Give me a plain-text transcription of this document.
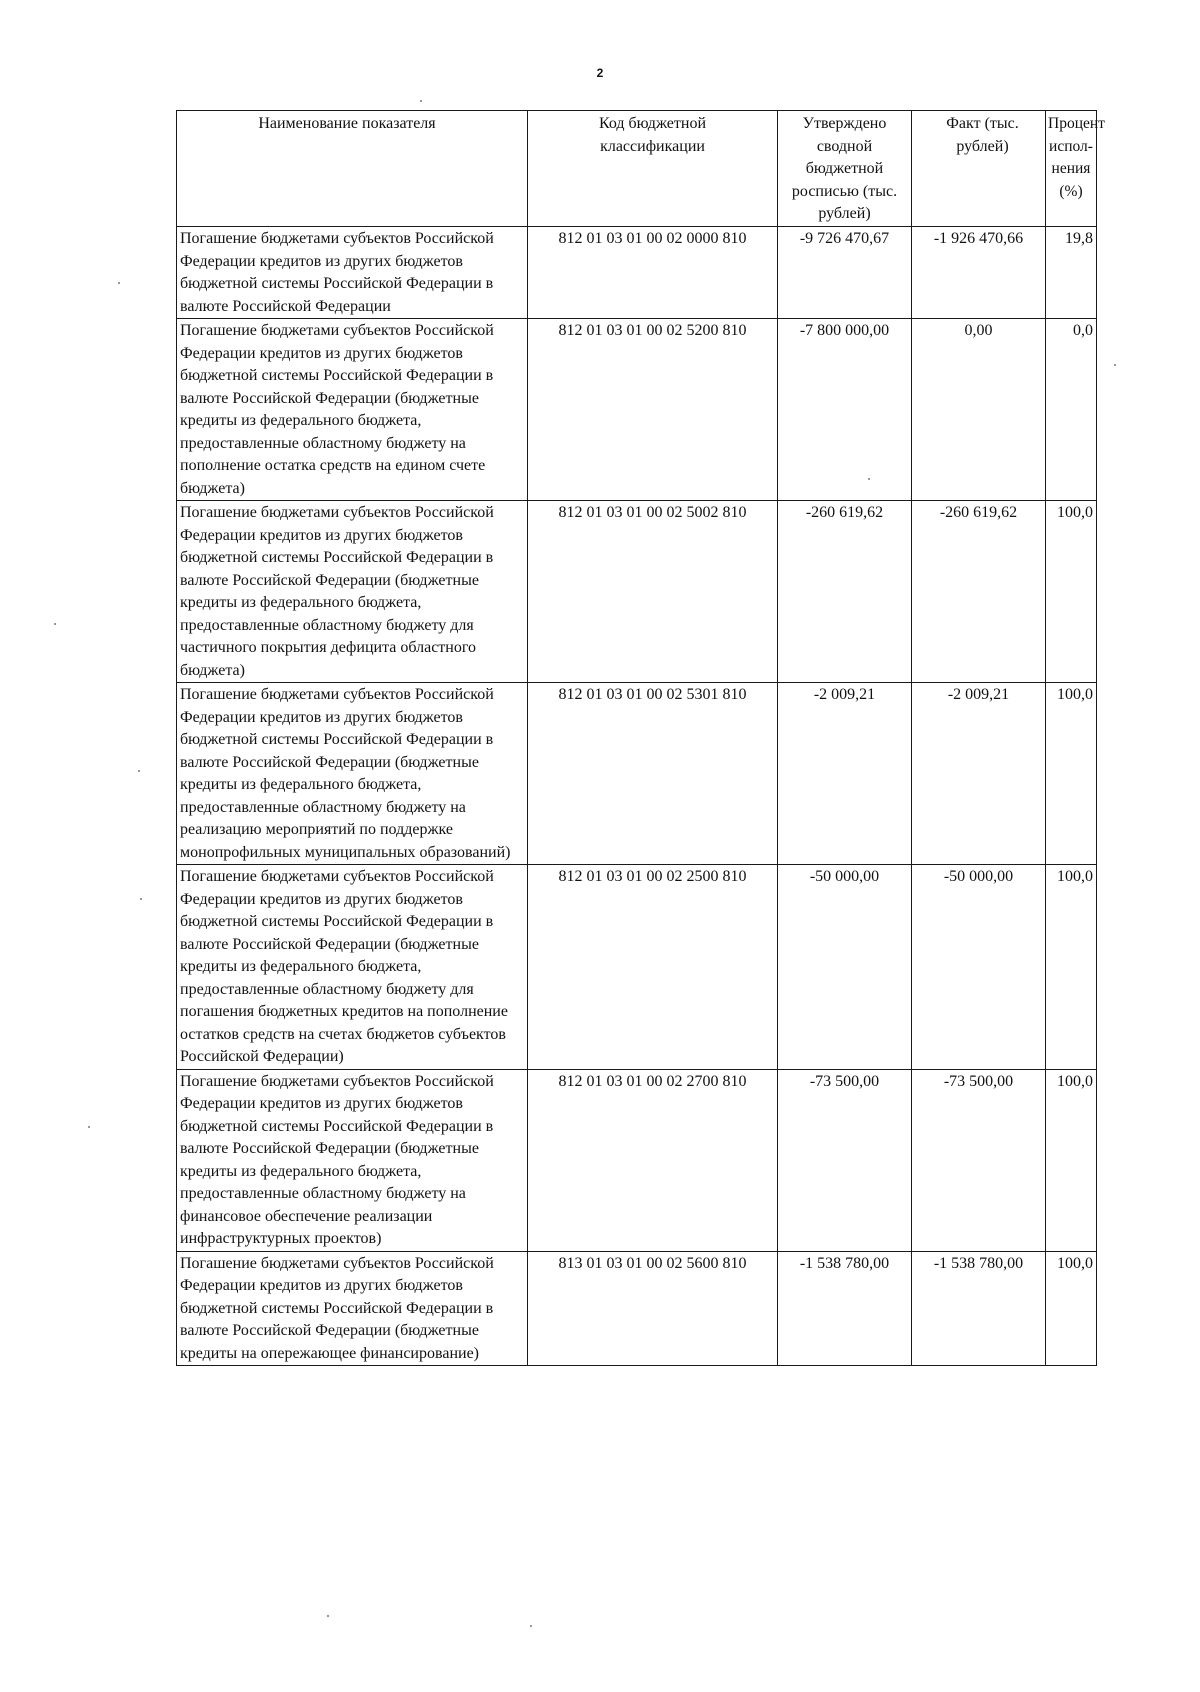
2
Наименование показателя	Код бюджетной классификации	Утверждено сводной бюджетной росписью (тыс. рублей)	Факт (тыс. рублей)	Процент испол-нения (%)
Погашение бюджетами субъектов Российской Федерации кредитов из других бюджетов бюджетной системы Российской Федерации в валюте Российской Федерации	812 01 03 01 00 02 0000 810	-9 726 470,67	-1 926 470,66	19,8
Погашение бюджетами субъектов Российской Федерации кредитов из других бюджетов бюджетной системы Российской Федерации в валюте Российской Федерации (бюджетные кредиты из федерального бюджета, предоставленные областному бюджету на пополнение остатка средств на едином счете бюджета)	812 01 03 01 00 02 5200 810	-7 800 000,00	0,00	0,0
Погашение бюджетами субъектов Российской Федерации кредитов из других бюджетов бюджетной системы Российской Федерации в валюте Российской Федерации (бюджетные кредиты из федерального бюджета, предоставленные областному бюджету для частичного покрытия дефицита областного бюджета)	812 01 03 01 00 02 5002 810	-260 619,62	-260 619,62	100,0
Погашение бюджетами субъектов Российской Федерации кредитов из других бюджетов бюджетной системы Российской Федерации в валюте Российской Федерации (бюджетные кредиты из федерального бюджета, предоставленные областному бюджету на реализацию мероприятий по поддержке монопрофильных муниципальных образований)	812 01 03 01 00 02 5301 810	-2 009,21	-2 009,21	100,0
Погашение бюджетами субъектов Российской Федерации кредитов из других бюджетов бюджетной системы Российской Федерации в валюте Российской Федерации (бюджетные кредиты из федерального бюджета, предоставленные областному бюджету для погашения бюджетных кредитов на пополнение остатков средств на счетах бюджетов субъектов Российской Федерации)	812 01 03 01 00 02 2500 810	-50 000,00	-50 000,00	100,0
Погашение бюджетами субъектов Российской Федерации кредитов из других бюджетов бюджетной системы Российской Федерации в валюте Российской Федерации (бюджетные кредиты из федерального бюджета, предоставленные областному бюджету на финансовое обеспечение реализации инфраструктурных проектов)	812 01 03 01 00 02 2700 810	-73 500,00	-73 500,00	100,0
Погашение бюджетами субъектов Российской Федерации кредитов из других бюджетов бюджетной системы Российской Федерации в валюте Российской Федерации (бюджетные кредиты на опережающее финансирование)	813 01 03 01 00 02 5600 810	-1 538 780,00	-1 538 780,00	100,0
